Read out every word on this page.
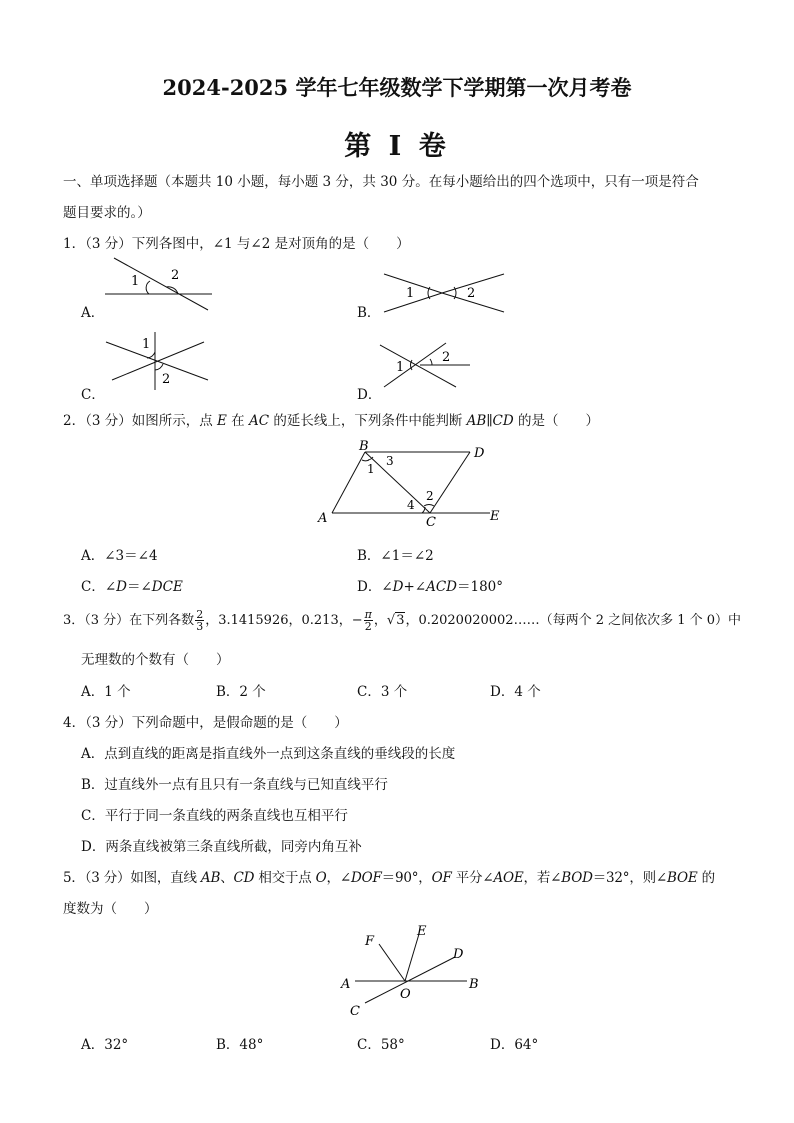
2024-2025 学年七年级数学下学期第一次月考卷
第 I 卷
一、单项选择题（本题共 10 小题，每小题 3 分，共 30 分。在每小题给出的四个选项中，只有一项是符合
题目要求的。）
1．（3 分）下列各图中，∠1 与∠2 是对顶角的是（　　）
A．
1 2
B．
1	2
C．
1
2
D．
1
2
2．（3 分）如图所示，点 E 在 AC 的延长线上，下列条件中能判断 AB∥CD 的是（　　）
B	D
A	C	E
1
3
2
4
A．∠3＝∠4	B．∠1＝∠2
C．∠D＝∠DCE	D．∠D+∠ACD＝180°
3．（3 分）在下列各数 $\frac{2}{3}$ ，3.1415926，0.213，− $\frac{\pi}{2}$ ，√3，0.2020020002……（每两个 2 之间依次多 1 个 0）中
无理数的个数有（　　）
A．1 个	B．2 个	C．3 个	D．4 个
4．（3 分）下列命题中，是假命题的是（　　）
A．点到直线的距离是指直线外一点到这条直线的垂线段的长度
B．过直线外一点有且只有一条直线与已知直线平行
C．平行于同一条直线的两条直线也互相平行
D．两条直线被第三条直线所截，同旁内角互补
5．（3 分）如图，直线 AB、CD 相交于点 O，∠DOF＝90°，OF 平分∠AOE，若∠BOD＝32°，则∠BOE 的
度数为（　　）
A	B
C
D
E
F
O
A．32°	B．48°	C．58°	D．64°
